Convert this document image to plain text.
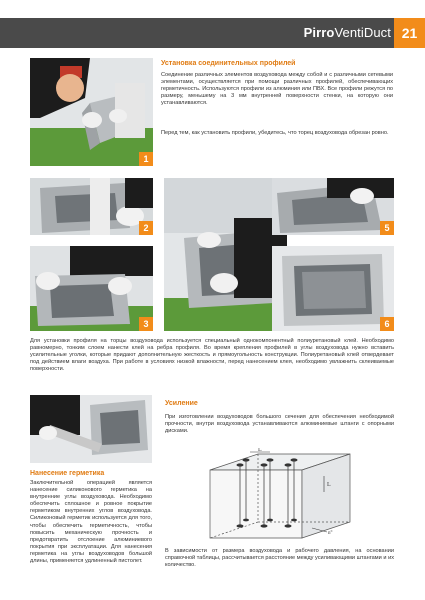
PirroVentiDuct 21
1
Установка соединительных профилей
Соединение различных элементов воздуховода между собой и с различными сетевыми элементами, осуществляется при помощи различных профилей, обеспечивающих герметичность. Используются профили из алюминия или ПВХ. Все профили режутся по размеру, меньшему на 3 мм внутренней поверхности стенки, на которую они устанавливаются.
Перед тем, как установить профили, убедитесь, что торец воздуховода обрезан ровно.
2
3
5
6
Для установки профиля на торцы воздуховода используется специальный однокомпонентный полиуретановый клей. Необходимо равномерно, тонким слоем нанести клей на ребра профиля. Во время крепления профилей в углы воздуховода нужно вставить усилительные уголки, которые придают дополнительную жесткость и прямоугольность конструкции. Полиуретановый клей отвердевает под действием влаги воздуха. При работе в условиях низкой влажности, перед нанесением клея, необходимо увлажнить склеиваемые поверхности.
Нанесение герметика
Заключительной операцией является нанесение силиконового герметика на внутренние углы воздуховода. Необходимо обеспечить сплошное и ровное покрытие герметиком внутренних углов воздуховода. Силиконовый герметик используется для того, чтобы обеспечить герметичность, чтобы повысить механическую прочность и предотвратить отслоение алюминиевого покрытия при эксплуатации. Для нанесения герметика на углы воздуховодов большой длины, применяется удлиненный пистолет.
Усиление
При изготовлении воздуховодов большого сечения для обеспечения необходимой прочности, внутри воздуховода устанавливаются алюминиевые штанги с опорными дисками.
L
L
n°
В зависимости от размера воздуховода и рабочего давления, на основании справочной таблицы, рассчитывается расстояние между усиливающими штангами и их количество.
